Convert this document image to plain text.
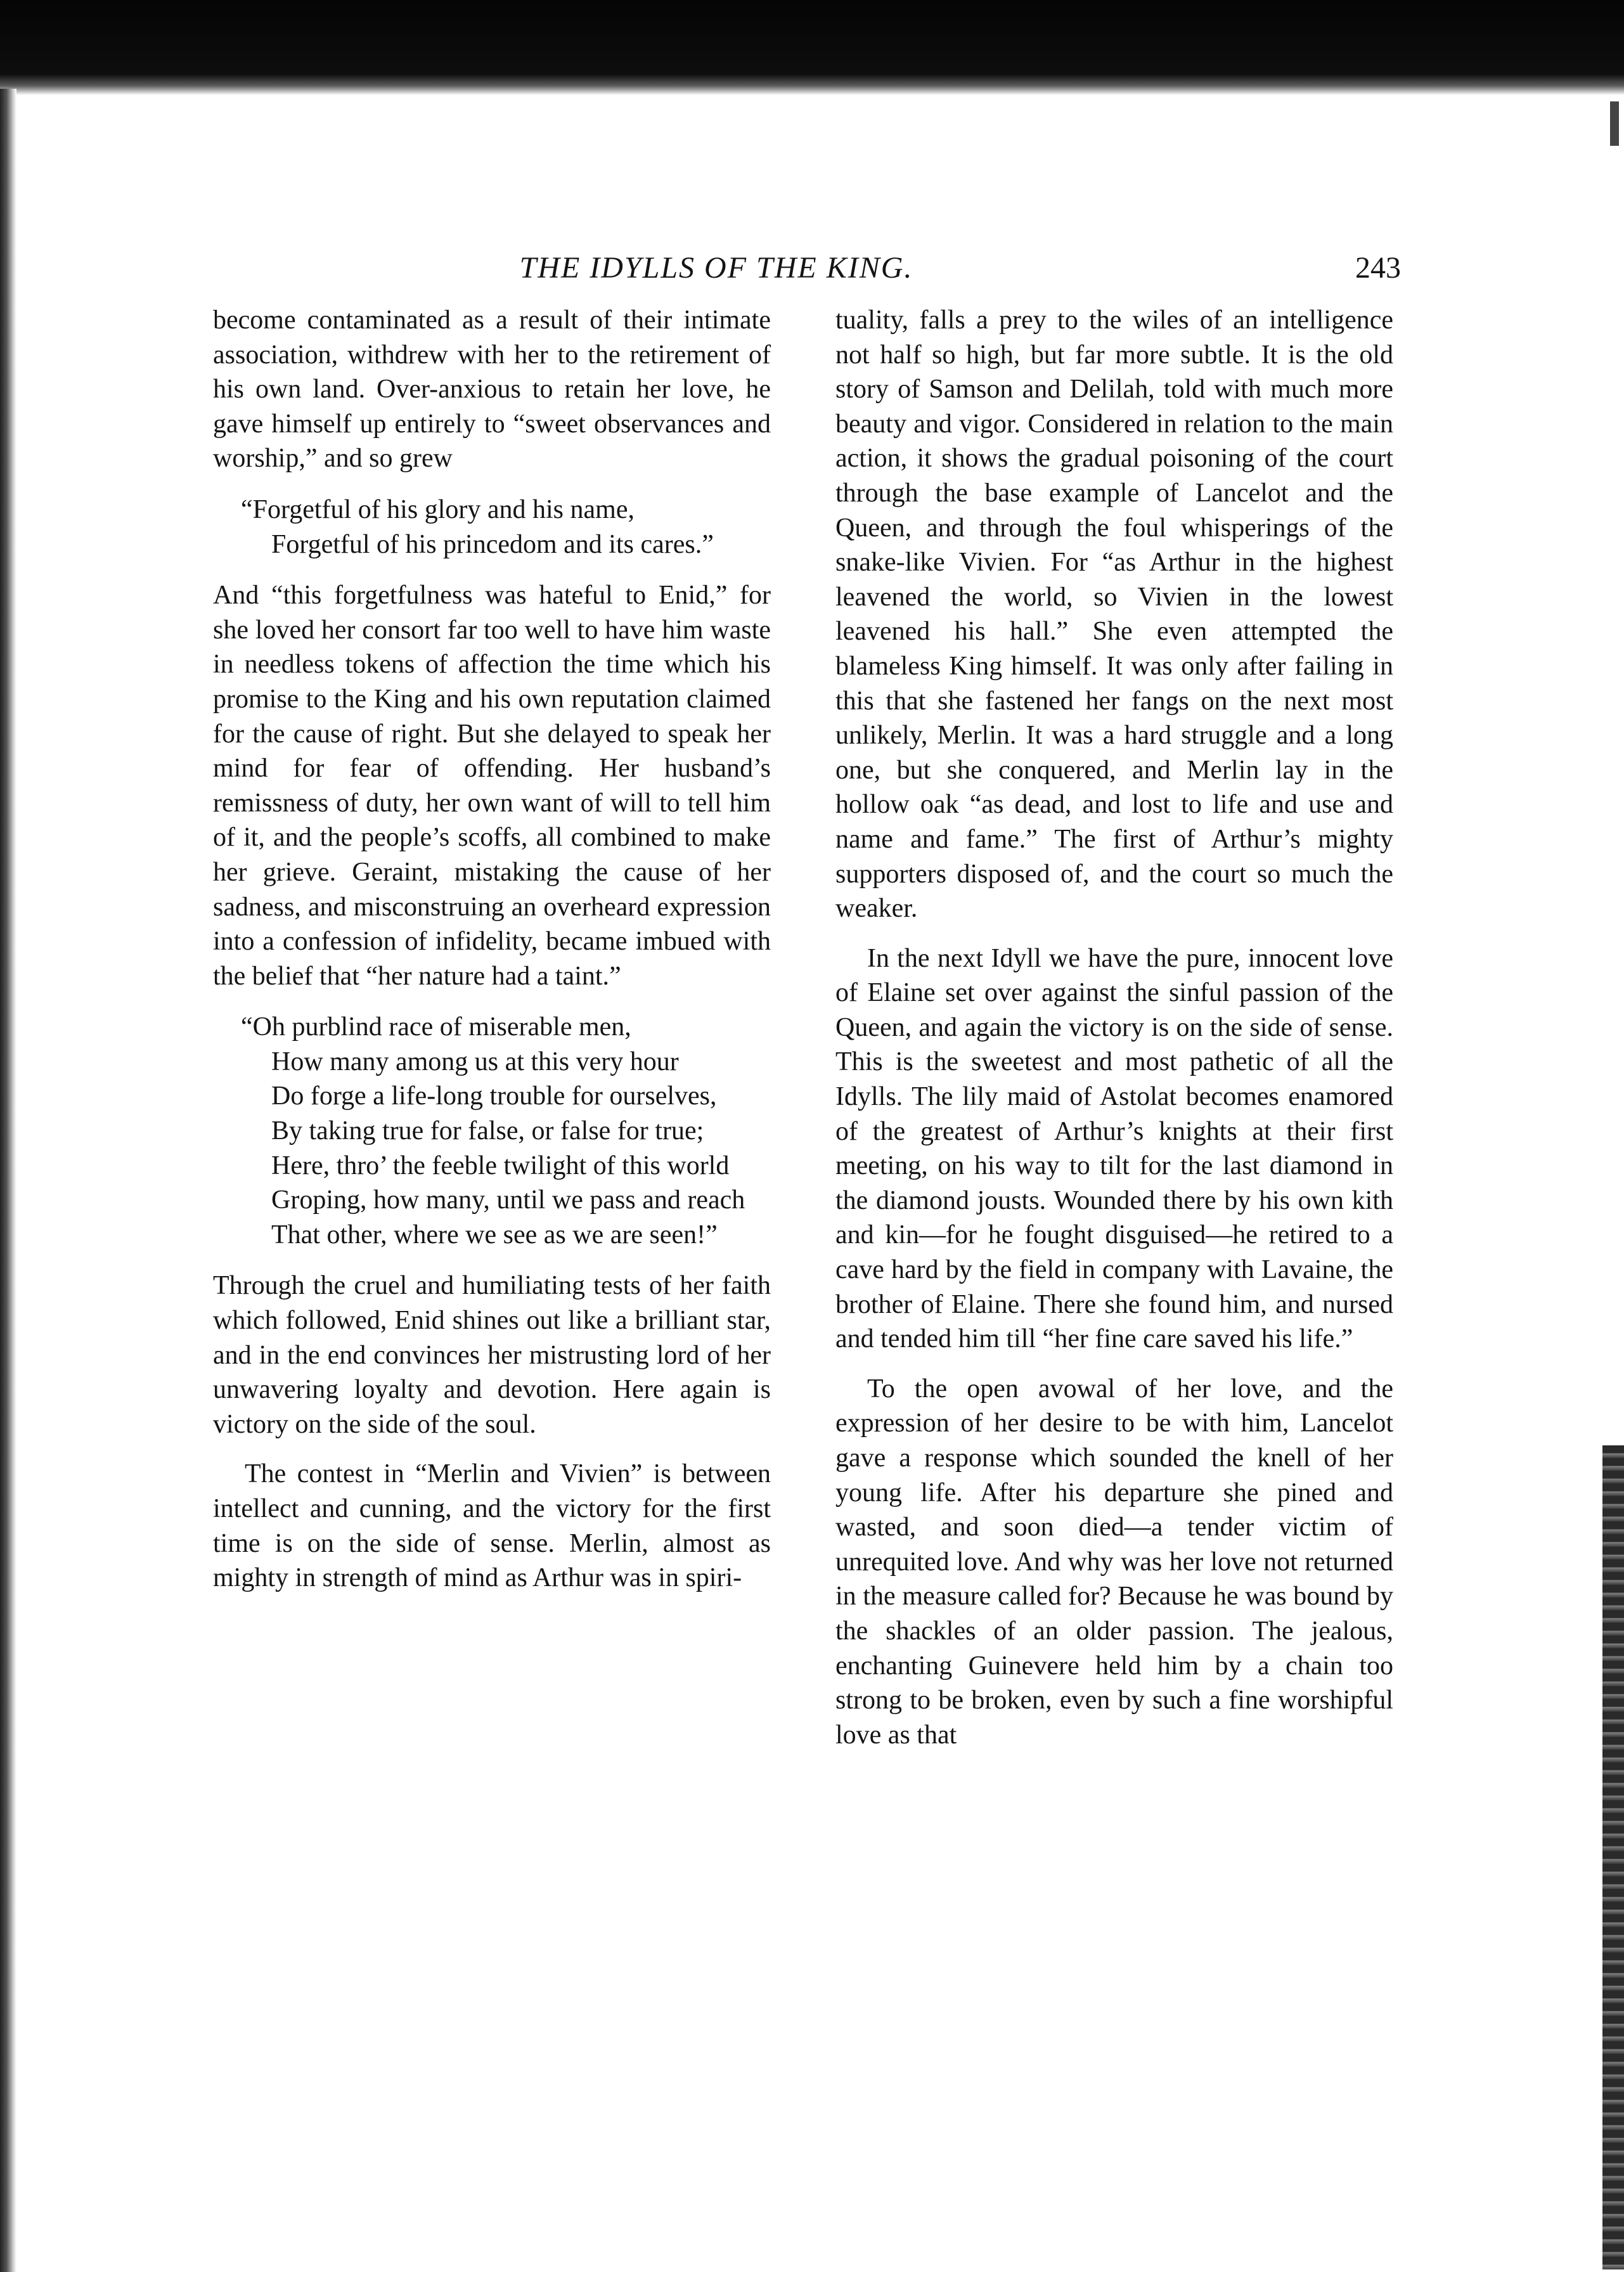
THE IDYLLS OF THE KING.	243

become contaminated as a result of their intimate association, withdrew with her to the retirement of his own land. Over-anxious to retain her love, he gave himself up entirely to “sweet observances and worship,” and so grew

“Forgetful of his glory and his name,
Forgetful of his princedom and its cares.”

And “this forgetfulness was hateful to Enid,” for she loved her consort far too well to have him waste in needless tokens of affection the time which his promise to the King and his own reputation claimed for the cause of right. But she delayed to speak her mind for fear of offending. Her husband’s remissness of duty, her own want of will to tell him of it, and the people’s scoffs, all combined to make her grieve. Geraint, mistaking the cause of her sadness, and misconstruing an overheard expression into a confession of infidelity, became imbued with the belief that “her nature had a taint.”

“Oh purblind race of miserable men,
How many among us at this very hour
Do forge a life-long trouble for ourselves,
By taking true for false, or false for true;
Here, thro’ the feeble twilight of this world
Groping, how many, until we pass and reach
That other, where we see as we are seen!”

Through the cruel and humiliating tests of her faith which followed, Enid shines out like a brilliant star, and in the end convinces her mistrusting lord of her unwavering loyalty and devotion. Here again is victory on the side of the soul.

The contest in “Merlin and Vivien” is between intellect and cunning, and the victory for the first time is on the side of sense. Merlin, almost as mighty in strength of mind as Arthur was in spiri-

tuality, falls a prey to the wiles of an intelligence not half so high, but far more subtle. It is the old story of Samson and Delilah, told with much more beauty and vigor. Considered in relation to the main action, it shows the gradual poisoning of the court through the base example of Lancelot and the Queen, and through the foul whisperings of the snake-like Vivien. For “as Arthur in the highest leavened the world, so Vivien in the lowest leavened his hall.” She even attempted the blameless King himself. It was only after failing in this that she fastened her fangs on the next most unlikely, Merlin. It was a hard struggle and a long one, but she conquered, and Merlin lay in the hollow oak “as dead, and lost to life and use and name and fame.” The first of Arthur’s mighty supporters disposed of, and the court so much the weaker.

In the next Idyll we have the pure, innocent love of Elaine set over against the sinful passion of the Queen, and again the victory is on the side of sense. This is the sweetest and most pathetic of all the Idylls. The lily maid of Astolat becomes enamored of the greatest of Arthur’s knights at their first meeting, on his way to tilt for the last diamond in the diamond jousts. Wounded there by his own kith and kin—for he fought disguised—he retired to a cave hard by the field in company with Lavaine, the brother of Elaine. There she found him, and nursed and tended him till “her fine care saved his life.”

To the open avowal of her love, and the expression of her desire to be with him, Lancelot gave a response which sounded the knell of her young life. After his departure she pined and wasted, and soon died—a tender victim of unrequited love. And why was her love not returned in the measure called for? Because he was bound by the shackles of an older passion. The jealous, enchanting Guinevere held him by a chain too strong to be broken, even by such a fine worshipful love as that
